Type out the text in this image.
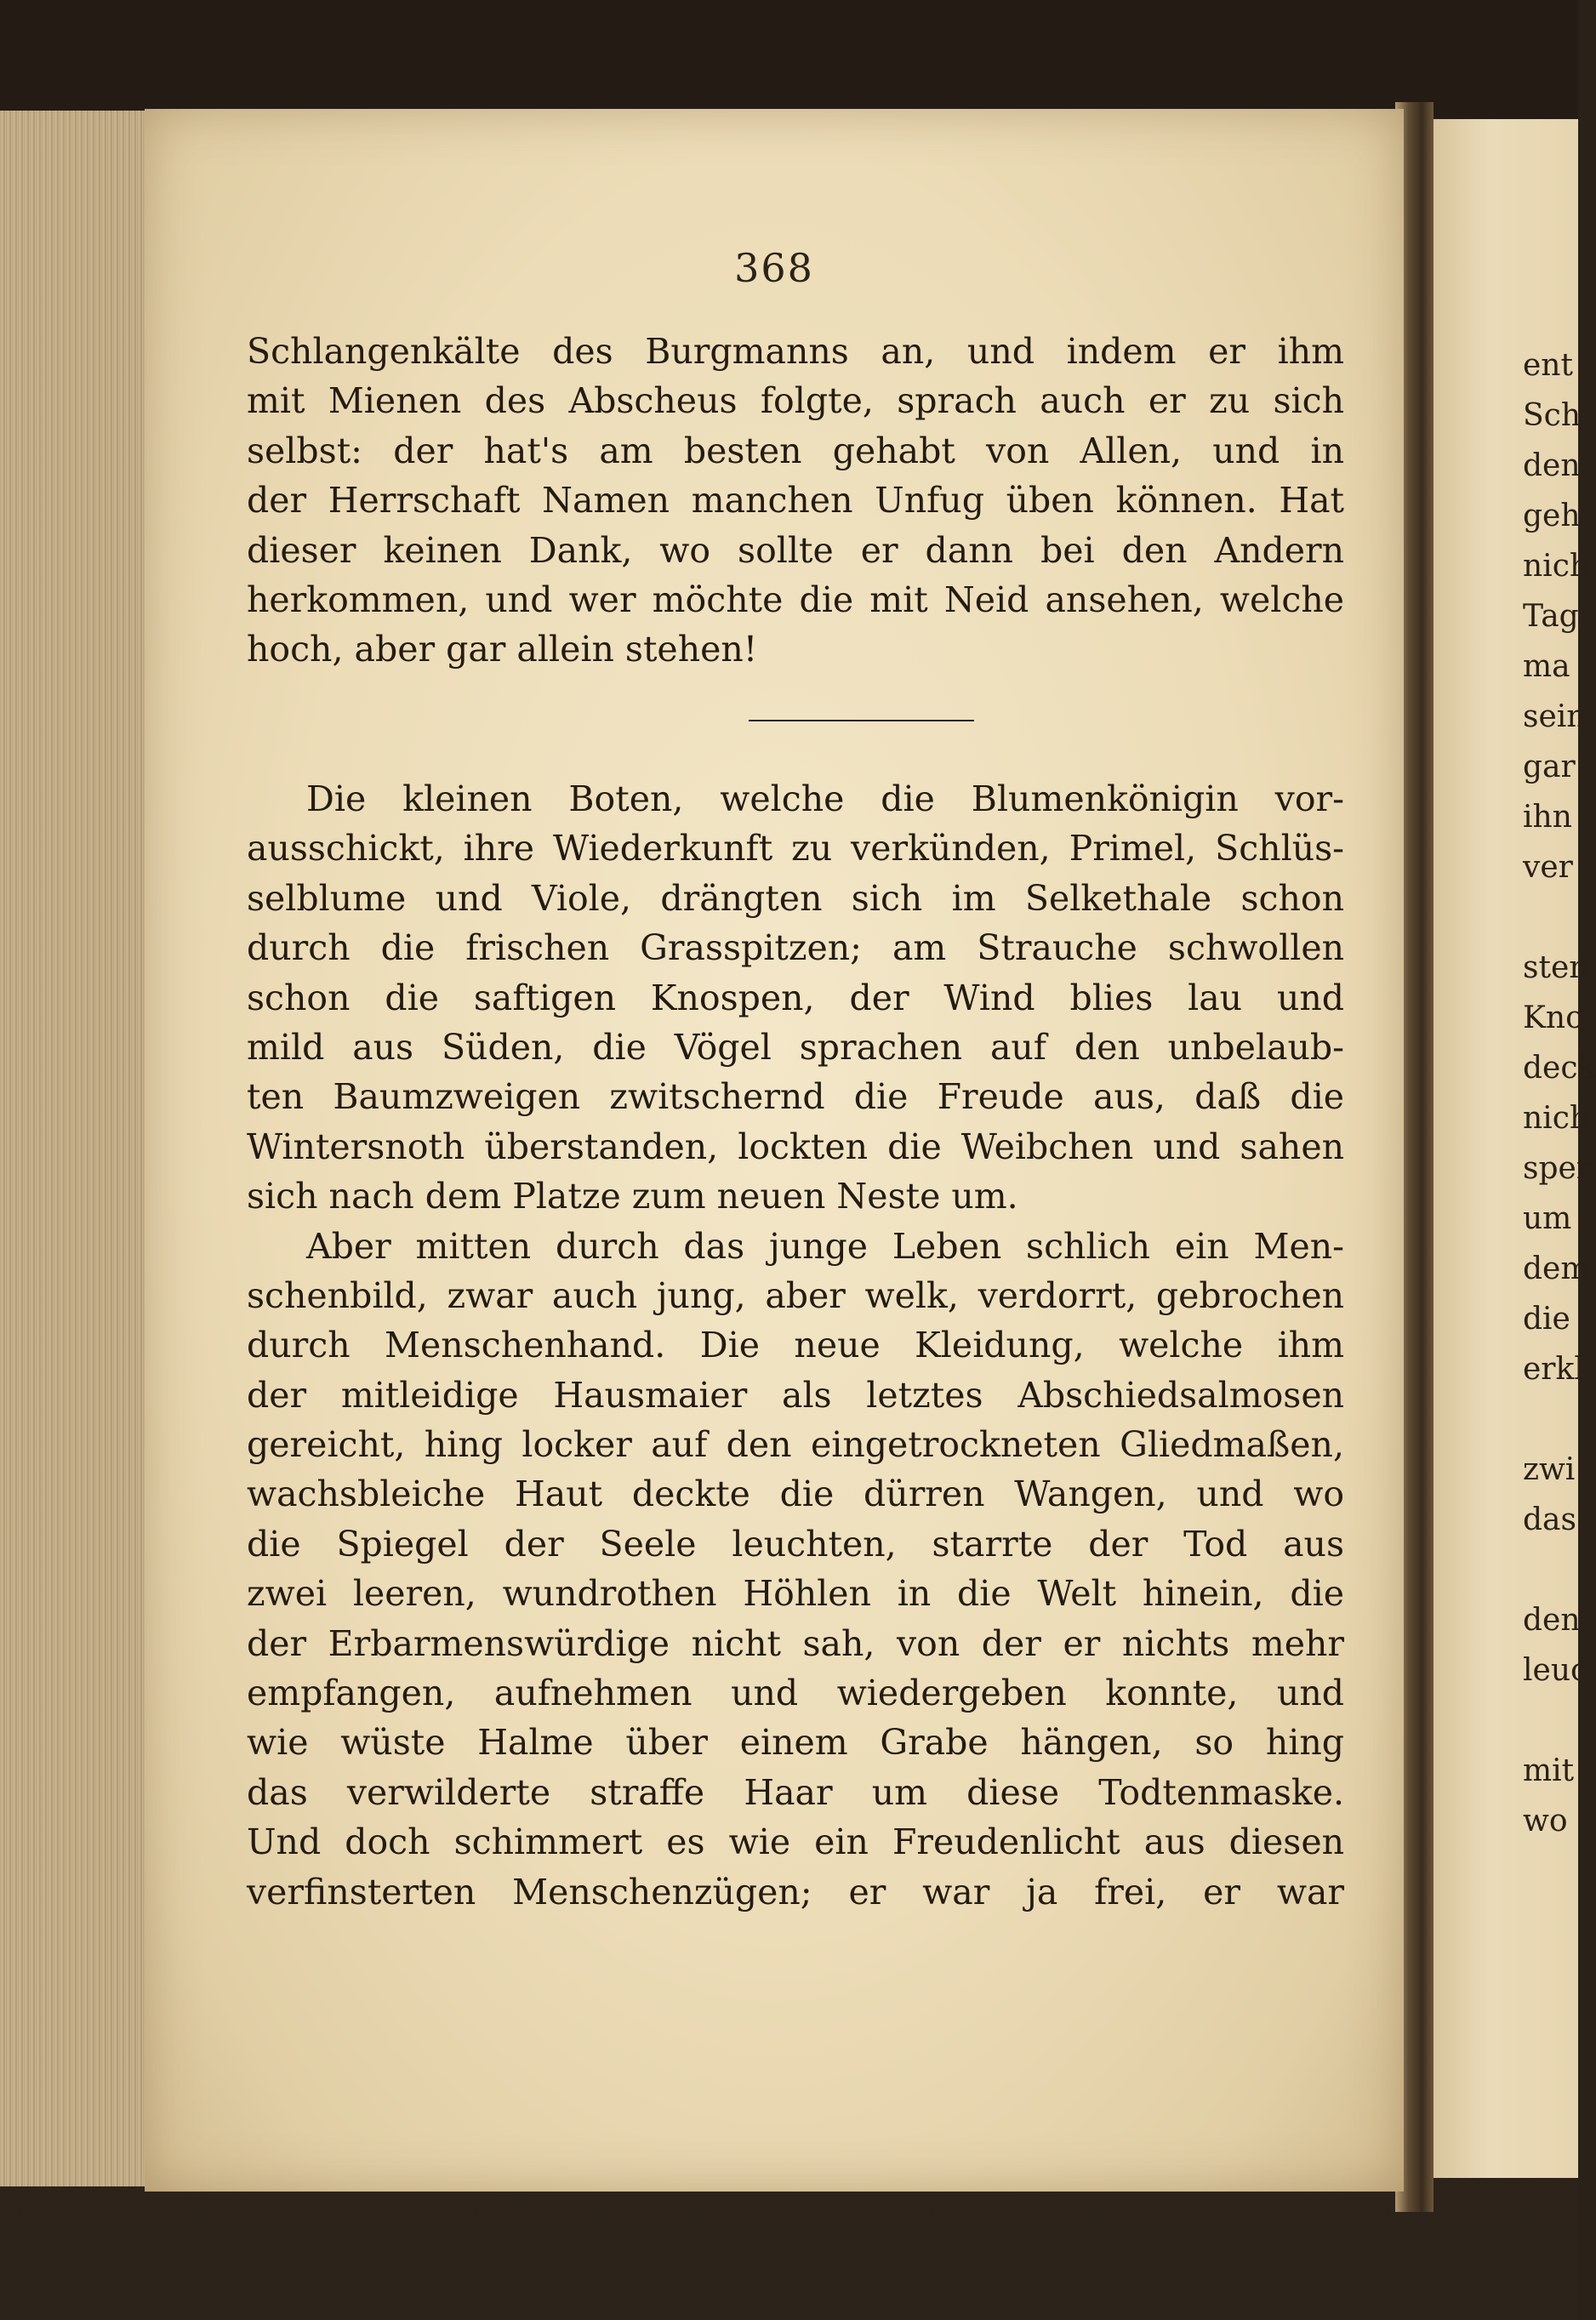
368
Schlangenkälte des Burgmanns an, und indem er ihm
mit Mienen des Abscheus folgte, sprach auch er zu sich
selbst: der hat's am besten gehabt von Allen, und in
der Herrschaft Namen manchen Unfug üben können. Hat
dieser keinen Dank, wo sollte er dann bei den Andern
herkommen, und wer möchte die mit Neid ansehen, welche
hoch, aber gar allein stehen!
Die kleinen Boten, welche die Blumenkönigin vor-
ausschickt, ihre Wiederkunft zu verkünden, Primel, Schlüs-
selblume und Viole, drängten sich im Selkethale schon
durch die frischen Grasspitzen; am Strauche schwollen
schon die saftigen Knospen, der Wind blies lau und
mild aus Süden, die Vögel sprachen auf den unbelaub-
ten Baumzweigen zwitschernd die Freude aus, daß die
Wintersnoth überstanden, lockten die Weibchen und sahen
sich nach dem Platze zum neuen Neste um.
Aber mitten durch das junge Leben schlich ein Men-
schenbild, zwar auch jung, aber welk, verdorrt, gebrochen
durch Menschenhand. Die neue Kleidung, welche ihm
der mitleidige Hausmaier als letztes Abschiedsalmosen
gereicht, hing locker auf den eingetrockneten Gliedmaßen,
wachsbleiche Haut deckte die dürren Wangen, und wo
die Spiegel der Seele leuchten, starrte der Tod aus
zwei leeren, wundrothen Höhlen in die Welt hinein, die
der Erbarmenswürdige nicht sah, von der er nichts mehr
empfangen, aufnehmen und wiedergeben konnte, und
wie wüste Halme über einem Grabe hängen, so hing
das verwilderte straffe Haar um diese Todtenmaske.
Und doch schimmert es wie ein Freudenlicht aus diesen
verfinsterten Menschenzügen; er war ja frei, er war
ent
Sch
den
geh
nich
Tag
ma
sein
gar
ihn
ver
sten
Kno
deck
nich
sper
um
dem
die
erkl
zwi
das
den
leuc
mit
wo
